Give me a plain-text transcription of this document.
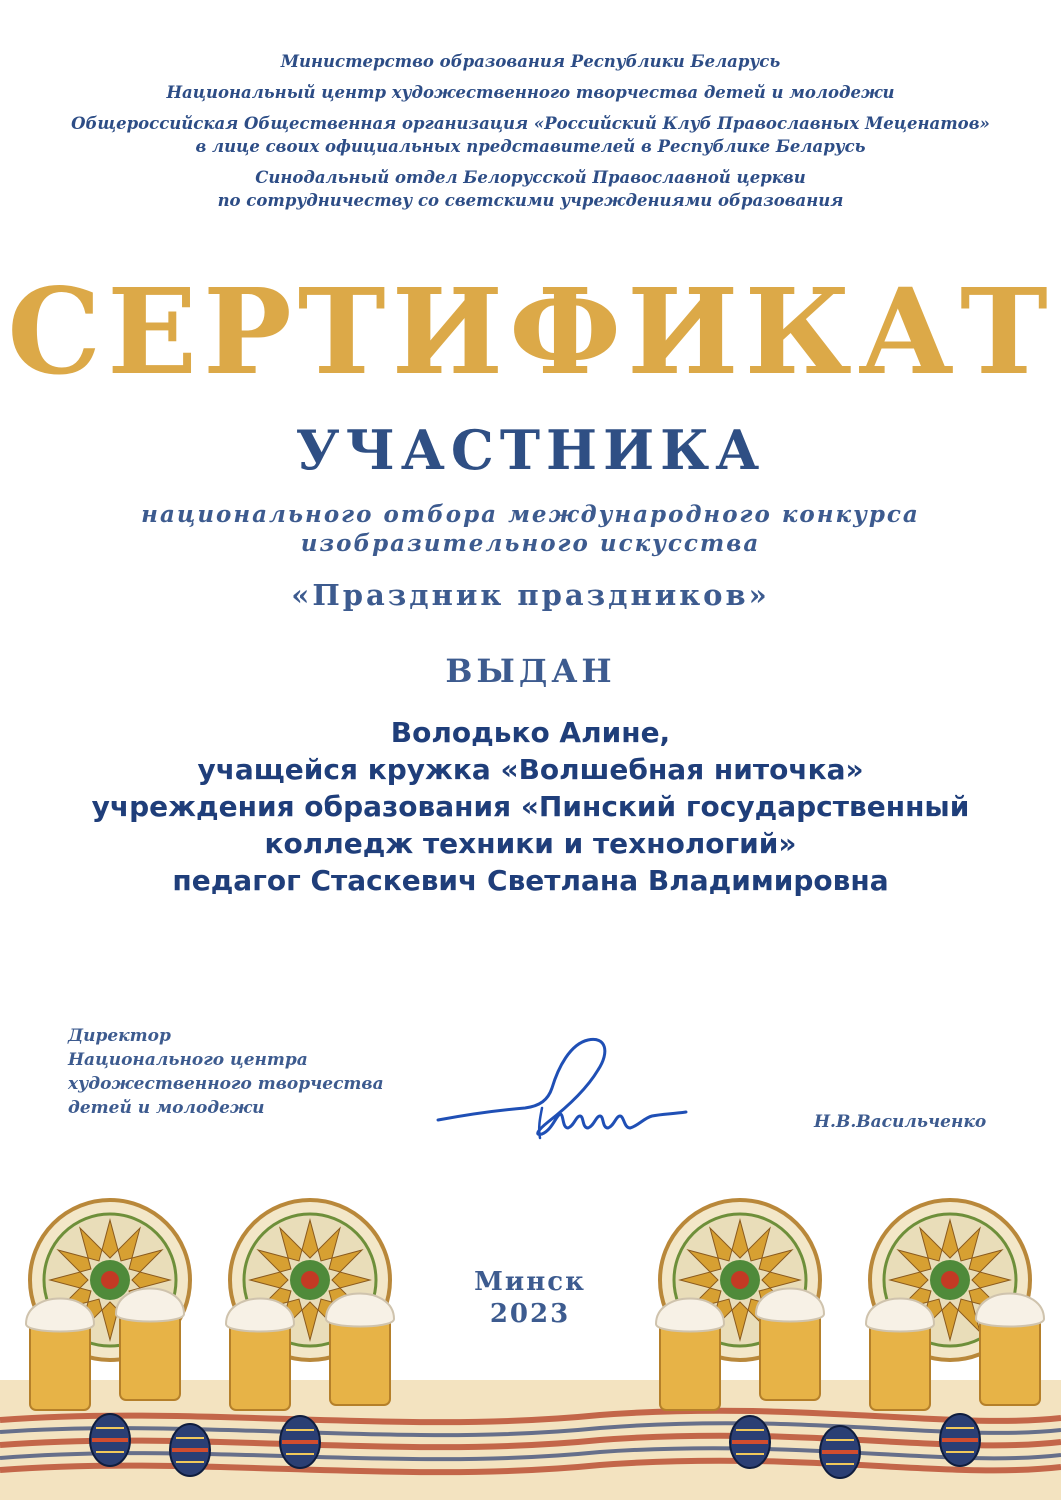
Министерство образования Республики Беларусь
Национальный центр художественного творчества детей и молодежи
Общероссийская Общественная организация «Российский Клуб Православных Меценатов»
в лице своих официальных представителей в Республике Беларусь
Синодальный отдел Белорусской Православной церкви
по сотрудничеству со светскими учреждениями образования
СЕРТИФИКАТ
УЧАСТНИКА
национального отбора международного конкурса
изобразительного искусства
«Праздник праздников»
ВЫДАН
Володько Алине,
учащейся кружка «Волшебная ниточка»
учреждения образования «Пинский государственный
колледж техники и технологий»
педагог Стаскевич Светлана Владимировна
Директор
Национального центра
художественного творчества
детей и молодежи
Н.В.Васильченко
Минск
2023
